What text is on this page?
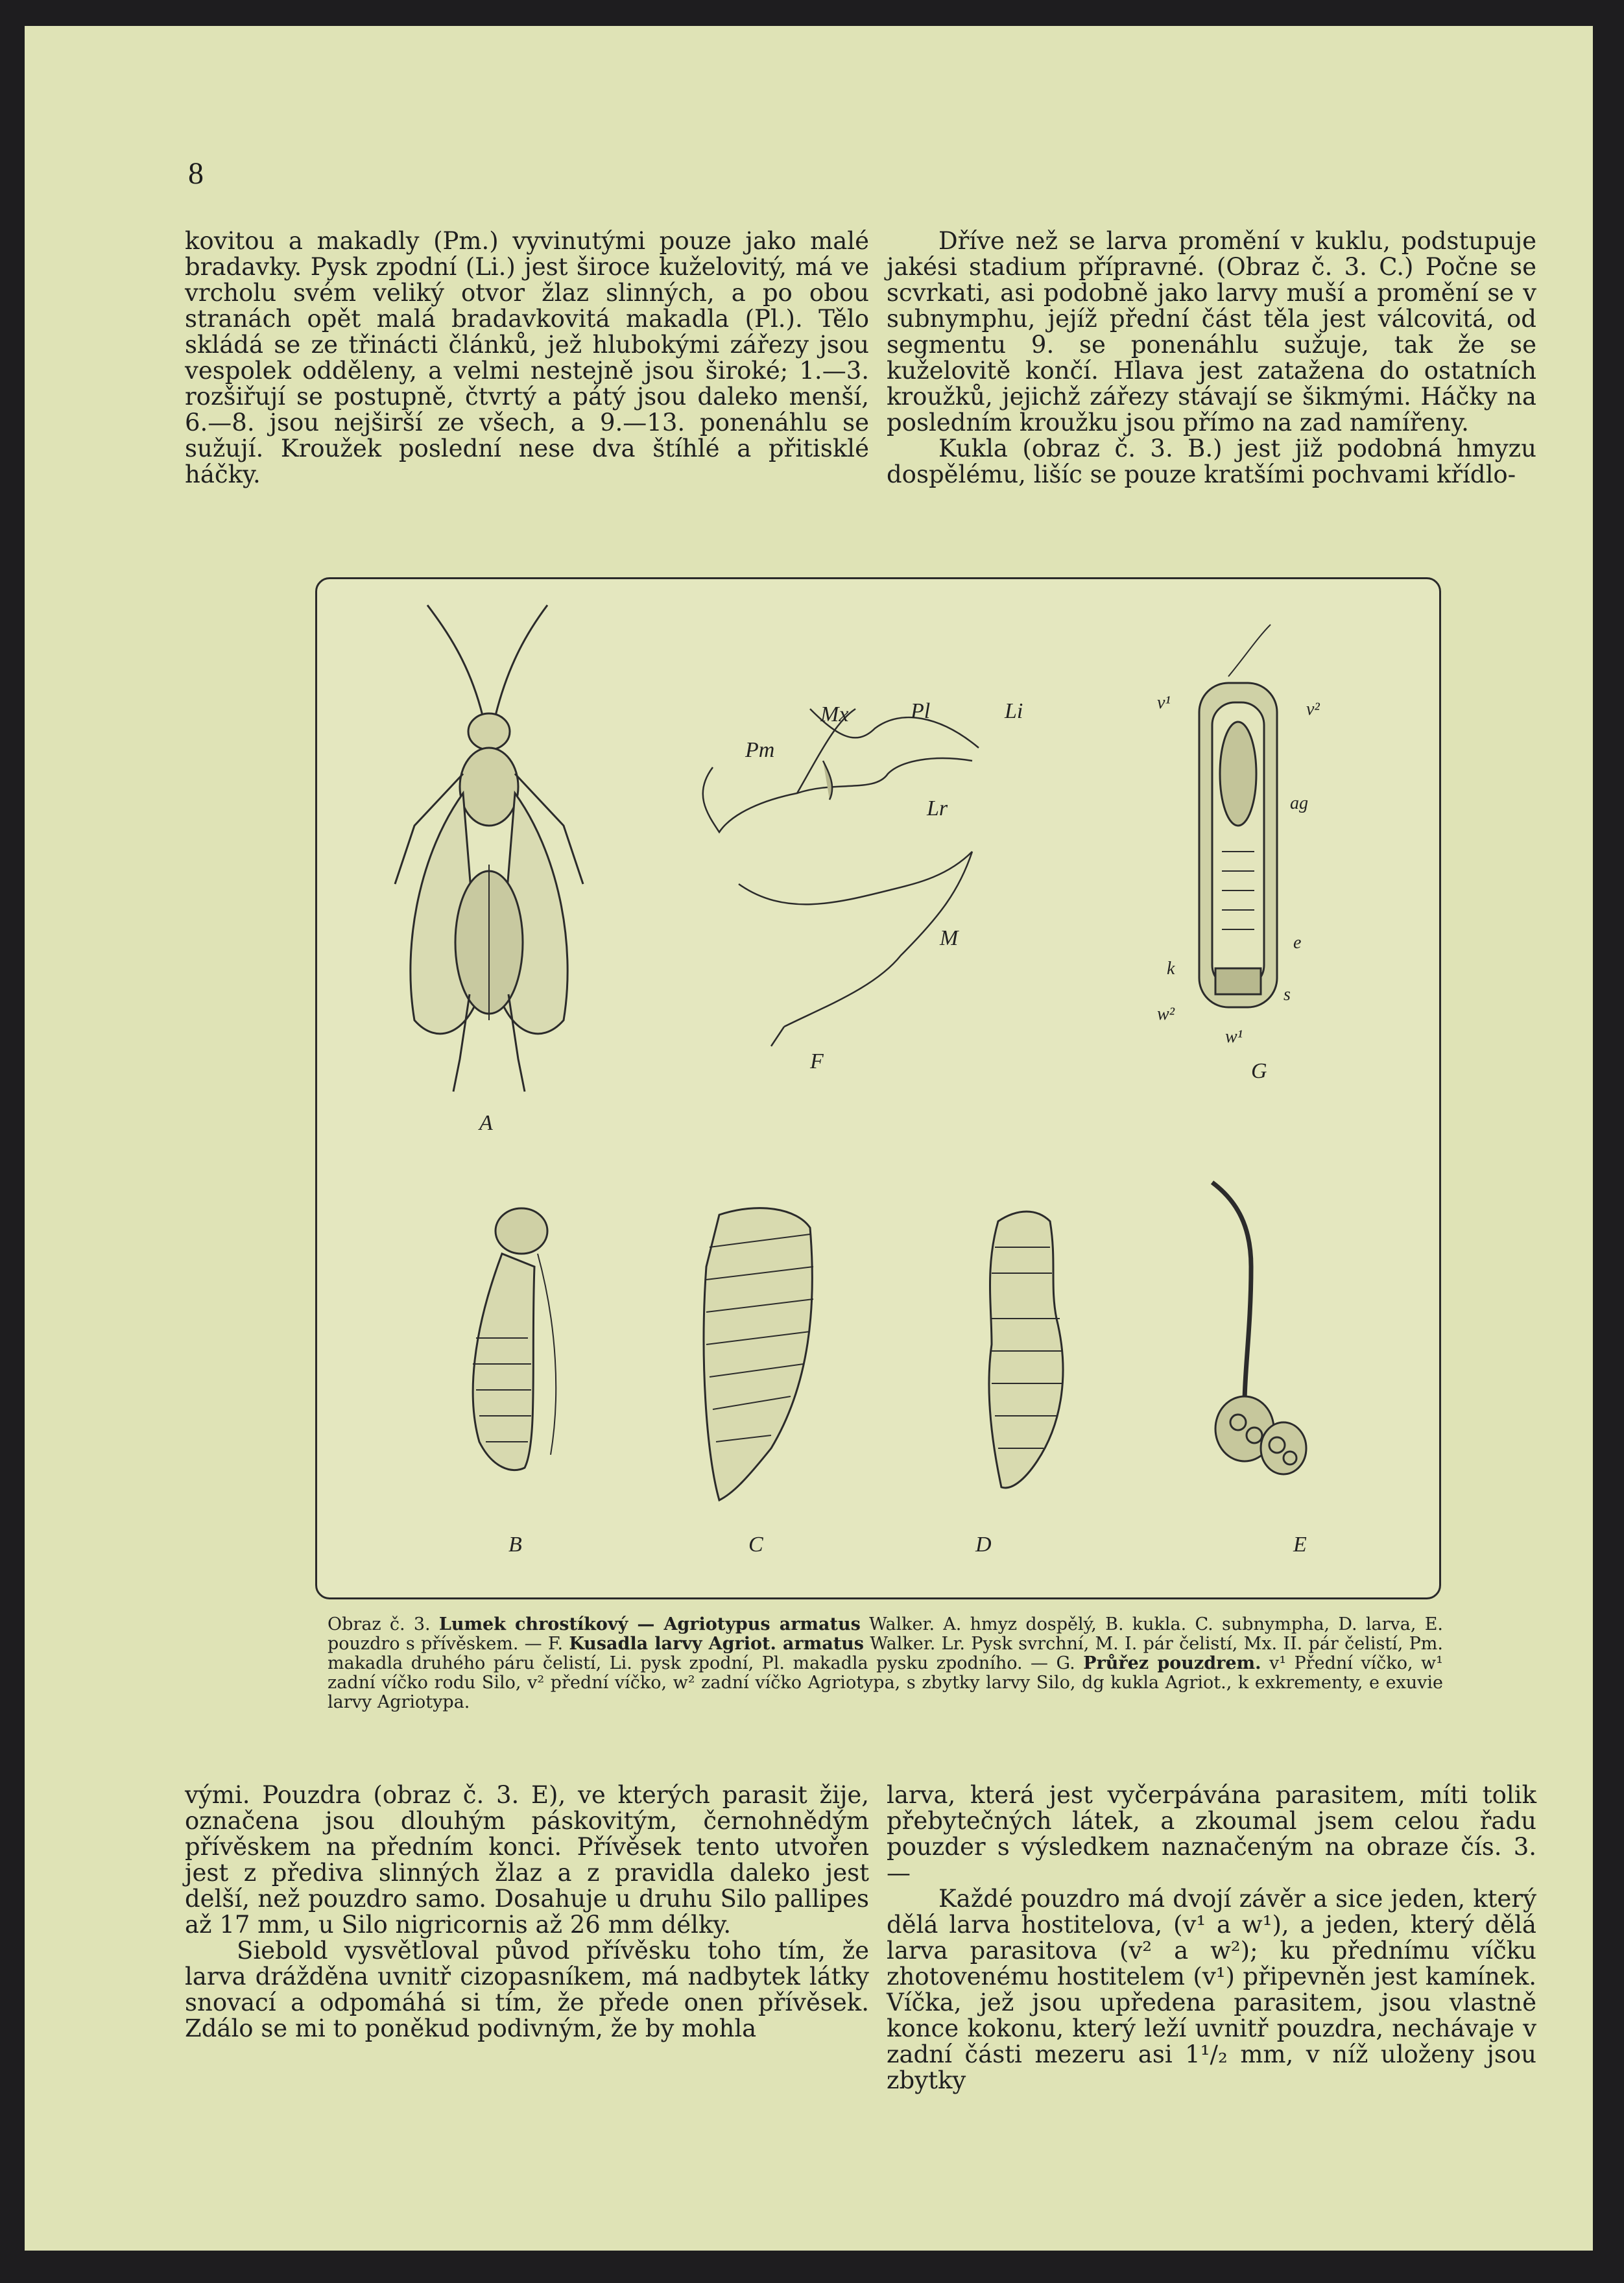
8

kovitou a makadly (Pm.) vyvinutými pouze jako malé bradavky. Pysk zpodní (Li.) jest široce kuželovitý, má ve vrcholu svém veliký otvor žlaz slinných, a po obou stranách opět malá bradavkovitá makadla (Pl.). Tělo skládá se ze třinácti článků, jež hlubokými zářezy jsou vespolek odděleny, a velmi nestejně jsou široké; 1.—3. rozšiřují se postupně, čtvrtý a pátý jsou daleko menší, 6.—8. jsou nejširší ze všech, a 9.—13. ponenáhlu se sužují. Kroužek poslední nese dva štíhlé a přitisklé háčky.

Dříve než se larva promění v kuklu, podstupuje jakési stadium přípravné. (Obraz č. 3. C.) Počne se scvrkati, asi podobně jako larvy muší a promění se v subnymphu, jejíž přední část těla jest válcovitá, od segmentu 9. se ponenáhlu sužuje, tak že se kuželovitě končí. Hlava jest zatažena do ostatních kroužků, jejichž zářezy stávají se šikmými. Háčky na posledním kroužku jsou přímo na zad namířeny.

Kukla (obraz č. 3. B.) jest již podobná hmyzu dospělému, lišíc se pouze kratšími pochvami křídlo-

A
F	G
B	C	D	E
Mx	Pl	Li
Pm
Lr
M
v¹	v²
ag
e
k
s
w²
w¹
Obraz č. 3. Lumek chrostíkový — Agriotypus armatus Walker. A. hmyz dospělý, B. kukla. C. subnympha, D. larva, E. pouzdro s přívěskem. — F. Kusadla larvy Agriot. armatus Walker. Lr. Pysk svrchní, M. I. pár čelistí, Mx. II. pár čelistí, Pm. makadla druhého páru čelistí, Li. pysk zpodní, Pl. makadla pysku zpodního. — G. Průřez pouzdrem. v¹ Přední víčko, w¹ zadní víčko rodu Silo, v² přední víčko, w² zadní víčko Agriotypa, s zbytky larvy Silo, dg kukla Agriot., k exkrementy, e exuvie larvy Agriotypa.

vými. Pouzdra (obraz č. 3. E), ve kterých parasit žije, označena jsou dlouhým páskovitým, černohnědým přívěskem na předním konci. Přívěsek tento utvořen jest z přediva slinných žlaz a z pravidla daleko jest delší, než pouzdro samo. Dosahuje u druhu Silo pallipes až 17 mm, u Silo nigricornis až 26 mm délky.

Siebold vysvětloval původ přívěsku toho tím, že larva drážděna uvnitř cizopasníkem, má nadbytek látky snovací a odpomáhá si tím, že přede onen přívěsek. Zdálo se mi to poněkud podivným, že by mohla

larva, která jest vyčerpávána parasitem, míti tolik přebytečných látek, a zkoumal jsem celou řadu pouzder s výsledkem naznačeným na obraze čís. 3. —

Každé pouzdro má dvojí závěr a sice jeden, který dělá larva hostitelova, (v¹ a w¹), a jeden, který dělá larva parasitova (v² a w²); ku přednímu víčku zhotovenému hostitelem (v¹) připevněn jest kamínek. Víčka, jež jsou upředena parasitem, jsou vlastně konce kokonu, který leží uvnitř pouzdra, nechávaje v zadní části mezeru asi 1¹/₂ mm, v níž uloženy jsou zbytky
